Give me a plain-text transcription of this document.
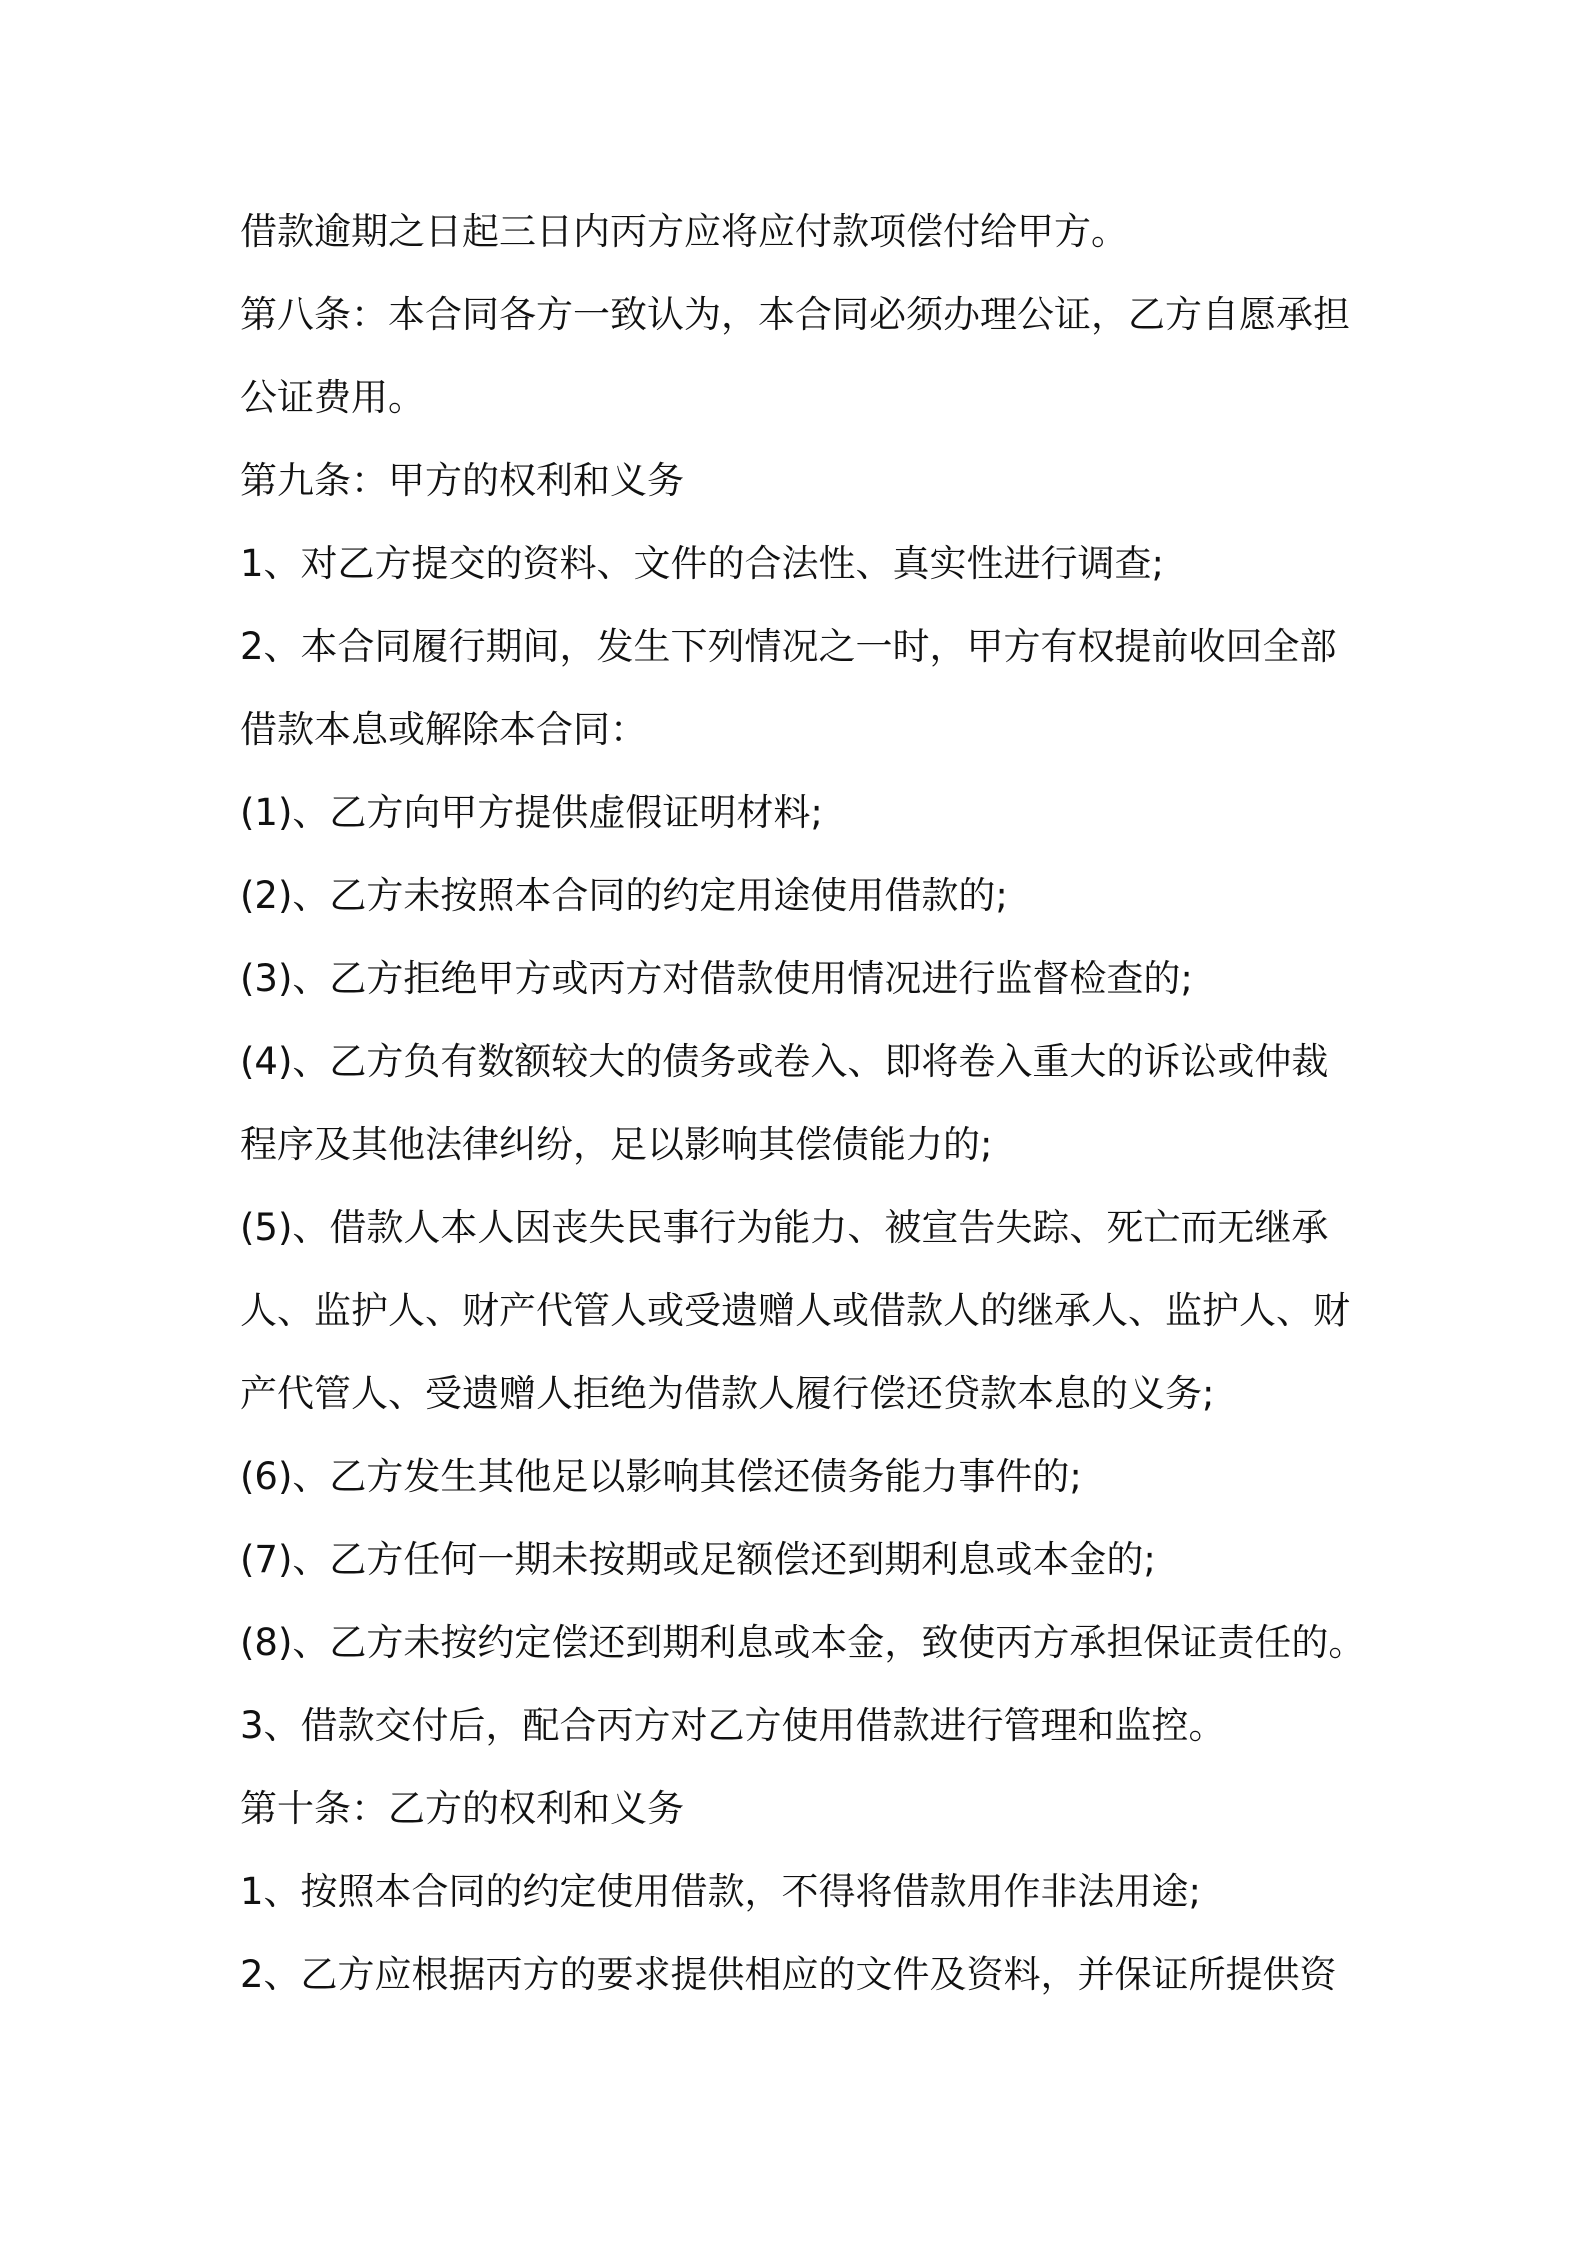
借款逾期之日起三日内丙方应将应付款项偿付给甲方。
第八条：本合同各方一致认为，本合同必须办理公证，乙方自愿承担
公证费用。
第九条：甲方的权利和义务
1、对乙方提交的资料、文件的合法性、真实性进行调查;
2、本合同履行期间，发生下列情况之一时，甲方有权提前收回全部
借款本息或解除本合同：
(1)、乙方向甲方提供虚假证明材料;
(2)、乙方未按照本合同的约定用途使用借款的;
(3)、乙方拒绝甲方或丙方对借款使用情况进行监督检查的;
(4)、乙方负有数额较大的债务或卷入、即将卷入重大的诉讼或仲裁
程序及其他法律纠纷，足以影响其偿债能力的;
(5)、借款人本人因丧失民事行为能力、被宣告失踪、死亡而无继承
人、监护人、财产代管人或受遗赠人或借款人的继承人、监护人、财
产代管人、受遗赠人拒绝为借款人履行偿还贷款本息的义务;
(6)、乙方发生其他足以影响其偿还债务能力事件的;
(7)、乙方任何一期未按期或足额偿还到期利息或本金的;
(8)、乙方未按约定偿还到期利息或本金，致使丙方承担保证责任的。
3、借款交付后，配合丙方对乙方使用借款进行管理和监控。
第十条：乙方的权利和义务
1、按照本合同的约定使用借款，不得将借款用作非法用途;
2、乙方应根据丙方的要求提供相应的文件及资料，并保证所提供资
